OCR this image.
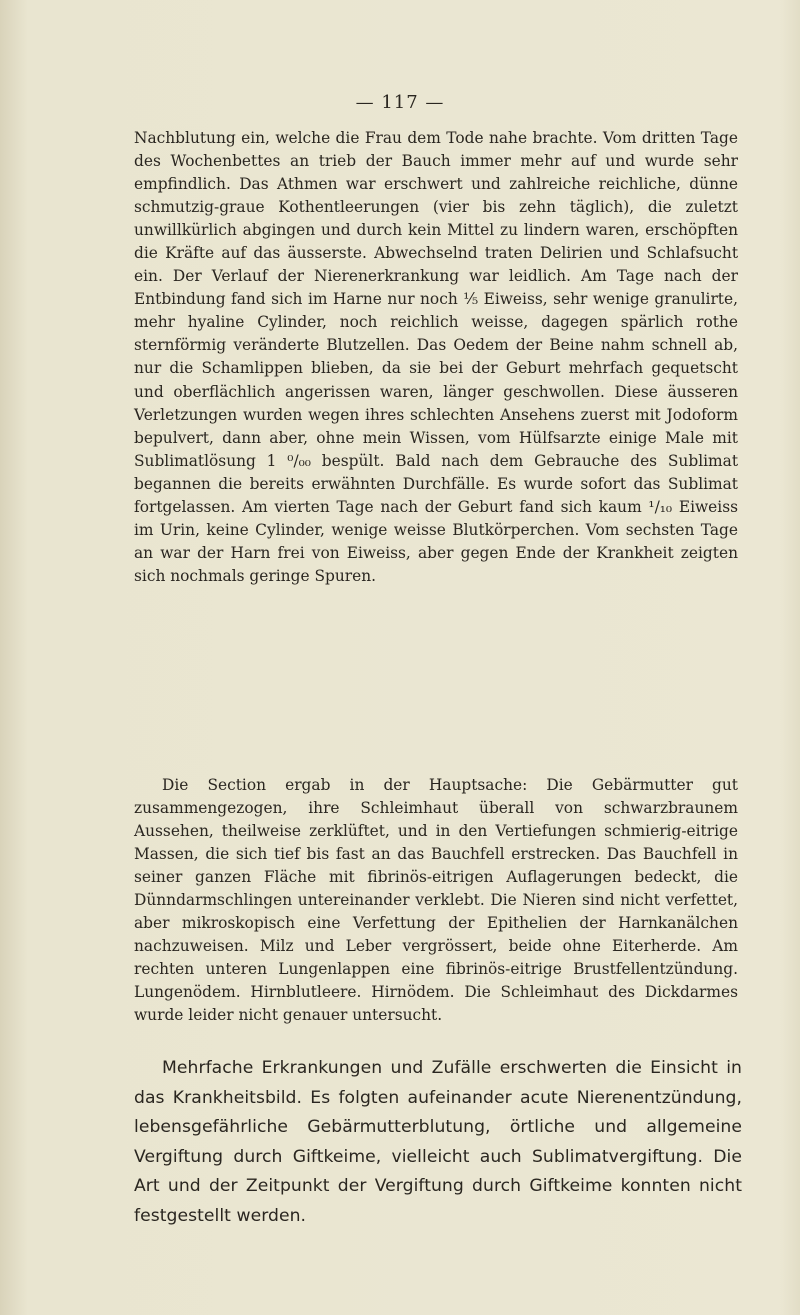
— 117 —

Nachblutung ein, welche die Frau dem Tode nahe brachte. Vom dritten Tage des Wochenbettes an trieb der Bauch immer mehr auf und wurde sehr empfindlich. Das Athmen war erschwert und zahlreiche reichliche, dünne schmutzig-graue Kothentleerungen (vier bis zehn täglich), die zuletzt unwillkürlich abgingen und durch kein Mittel zu lindern waren, erschöpften die Kräfte auf das äusserste. Abwechselnd traten Delirien und Schlafsucht ein. Der Verlauf der Nierenerkrankung war leidlich. Am Tage nach der Entbindung fand sich im Harne nur noch ⅕ Eiweiss, sehr wenige granulirte, mehr hyaline Cylinder, noch reichlich weisse, dagegen spärlich rothe sternförmig veränderte Blutzellen. Das Oedem der Beine nahm schnell ab, nur die Schamlippen blieben, da sie bei der Geburt mehrfach gequetscht und oberflächlich angerissen waren, länger geschwollen. Diese äusseren Verletzungen wurden wegen ihres schlechten Ansehens zuerst mit Jodoform bepulvert, dann aber, ohne mein Wissen, vom Hülfsarzte einige Male mit Sublimatlösung 1 ⁰/₀₀ bespült. Bald nach dem Gebrauche des Sublimat begannen die bereits erwähnten Durchfälle. Es wurde sofort das Sublimat fortgelassen. Am vierten Tage nach der Geburt fand sich kaum ¹/₁₀ Eiweiss im Urin, keine Cylinder, wenige weisse Blutkörperchen. Vom sechsten Tage an war der Harn frei von Eiweiss, aber gegen Ende der Krankheit zeigten sich nochmals geringe Spuren.

Die Section ergab in der Hauptsache: Die Gebärmutter gut zusammengezogen, ihre Schleimhaut überall von schwarzbraunem Aussehen, theilweise zerklüftet, und in den Vertiefungen schmierig-eitrige Massen, die sich tief bis fast an das Bauchfell erstrecken. Das Bauchfell in seiner ganzen Fläche mit fibrinös-eitrigen Auflagerungen bedeckt, die Dünndarmschlingen untereinander verklebt. Die Nieren sind nicht verfettet, aber mikroskopisch eine Verfettung der Epithelien der Harnkanälchen nachzuweisen. Milz und Leber vergrössert, beide ohne Eiterherde. Am rechten unteren Lungenlappen eine fibrinös-eitrige Brustfellentzündung. Lungenödem. Hirnblutleere. Hirnödem. Die Schleimhaut des Dickdarmes wurde leider nicht genauer untersucht.

Mehrfache Erkrankungen und Zufälle erschwerten die Einsicht in das Krankheitsbild. Es folgten aufeinander acute Nierenentzündung, lebensgefährliche Gebärmutterblutung, örtliche und allgemeine Vergiftung durch Giftkeime, vielleicht auch Sublimatvergiftung. Die Art und der Zeitpunkt der Vergiftung durch Giftkeime konnten nicht festgestellt werden.
